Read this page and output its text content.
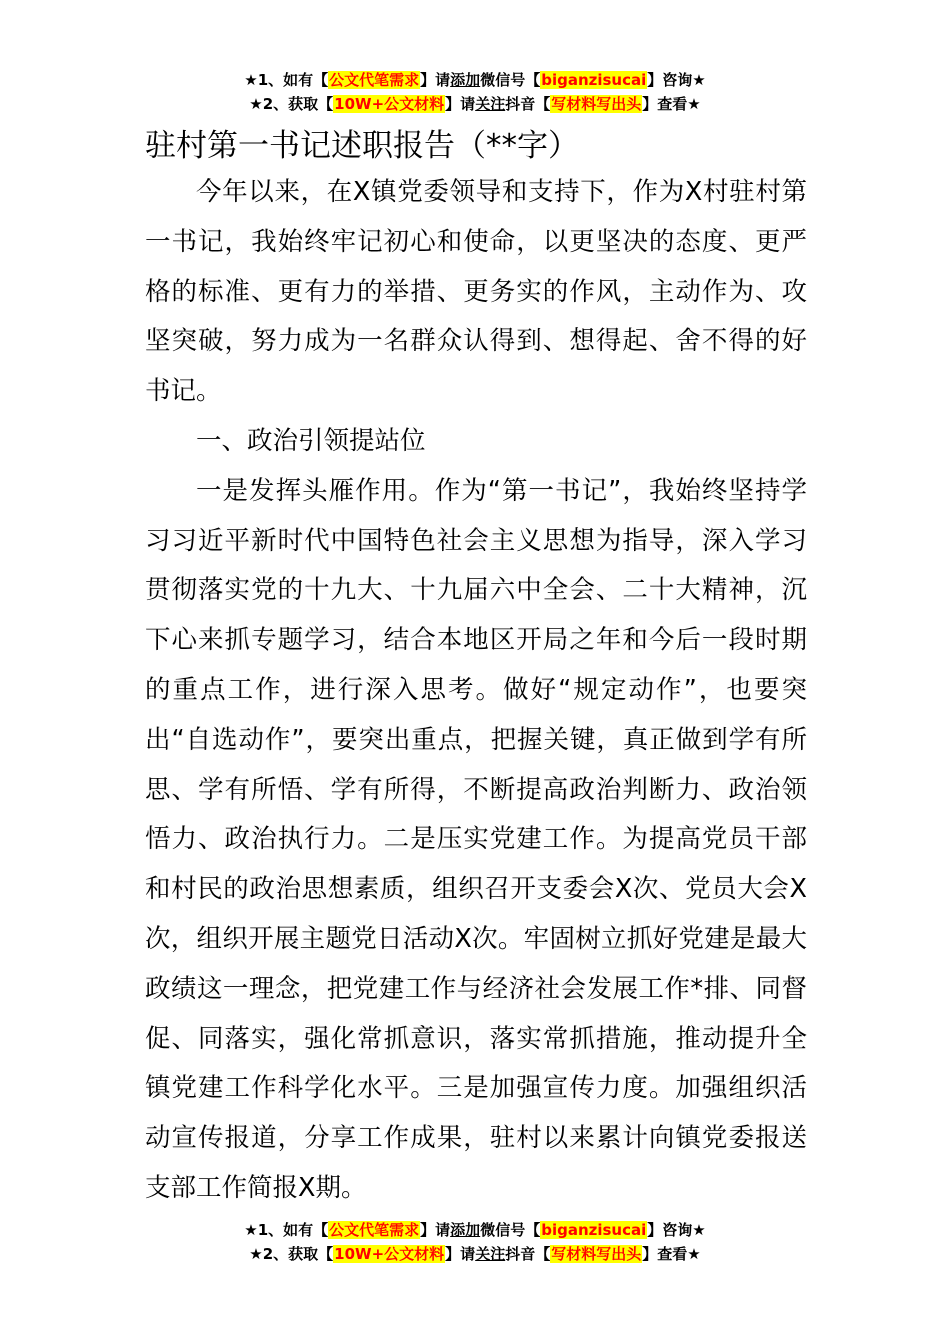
★1、如有【公文代笔需求】请添加微信号【biganzisucai】咨询★
★2、获取【10W+公文材料】请关注抖音【写材料写出头】查看★
驻村第一书记述职报告（**字）

今年以来，在X镇党委领导和支持下，作为X村驻村第一书记，我始终牢记初心和使命，以更坚决的态度、更严格的标准、更有力的举措、更务实的作风，主动作为、攻坚突破，努力成为一名群众认得到、想得起、舍不得的好书记。

一、政治引领提站位

一是发挥头雁作用。作为“第一书记”，我始终坚持学习习近平新时代中国特色社会主义思想为指导，深入学习贯彻落实党的十九大、十九届六中全会、二十大精神，沉下心来抓专题学习，结合本地区开局之年和今后一段时期的重点工作，进行深入思考。做好“规定动作”，也要突出“自选动作”，要突出重点，把握关键，真正做到学有所思、学有所悟、学有所得，不断提高政治判断力、政治领悟力、政治执行力。二是压实党建工作。为提高党员干部和村民的政治思想素质，组织召开支委会X次、党员大会X次，组织开展主题党日活动X次。牢固树立抓好党建是最大政绩这一理念，把党建工作与经济社会发展工作*排、同督促、同落实，强化常抓意识，落实常抓措施，推动提升全镇党建工作科学化水平。三是加强宣传力度。加强组织活动宣传报道，分享工作成果，驻村以来累计向镇党委报送支部工作简报X期。

★1、如有【公文代笔需求】请添加微信号【biganzisucai】咨询★
★2、获取【10W+公文材料】请关注抖音【写材料写出头】查看★
